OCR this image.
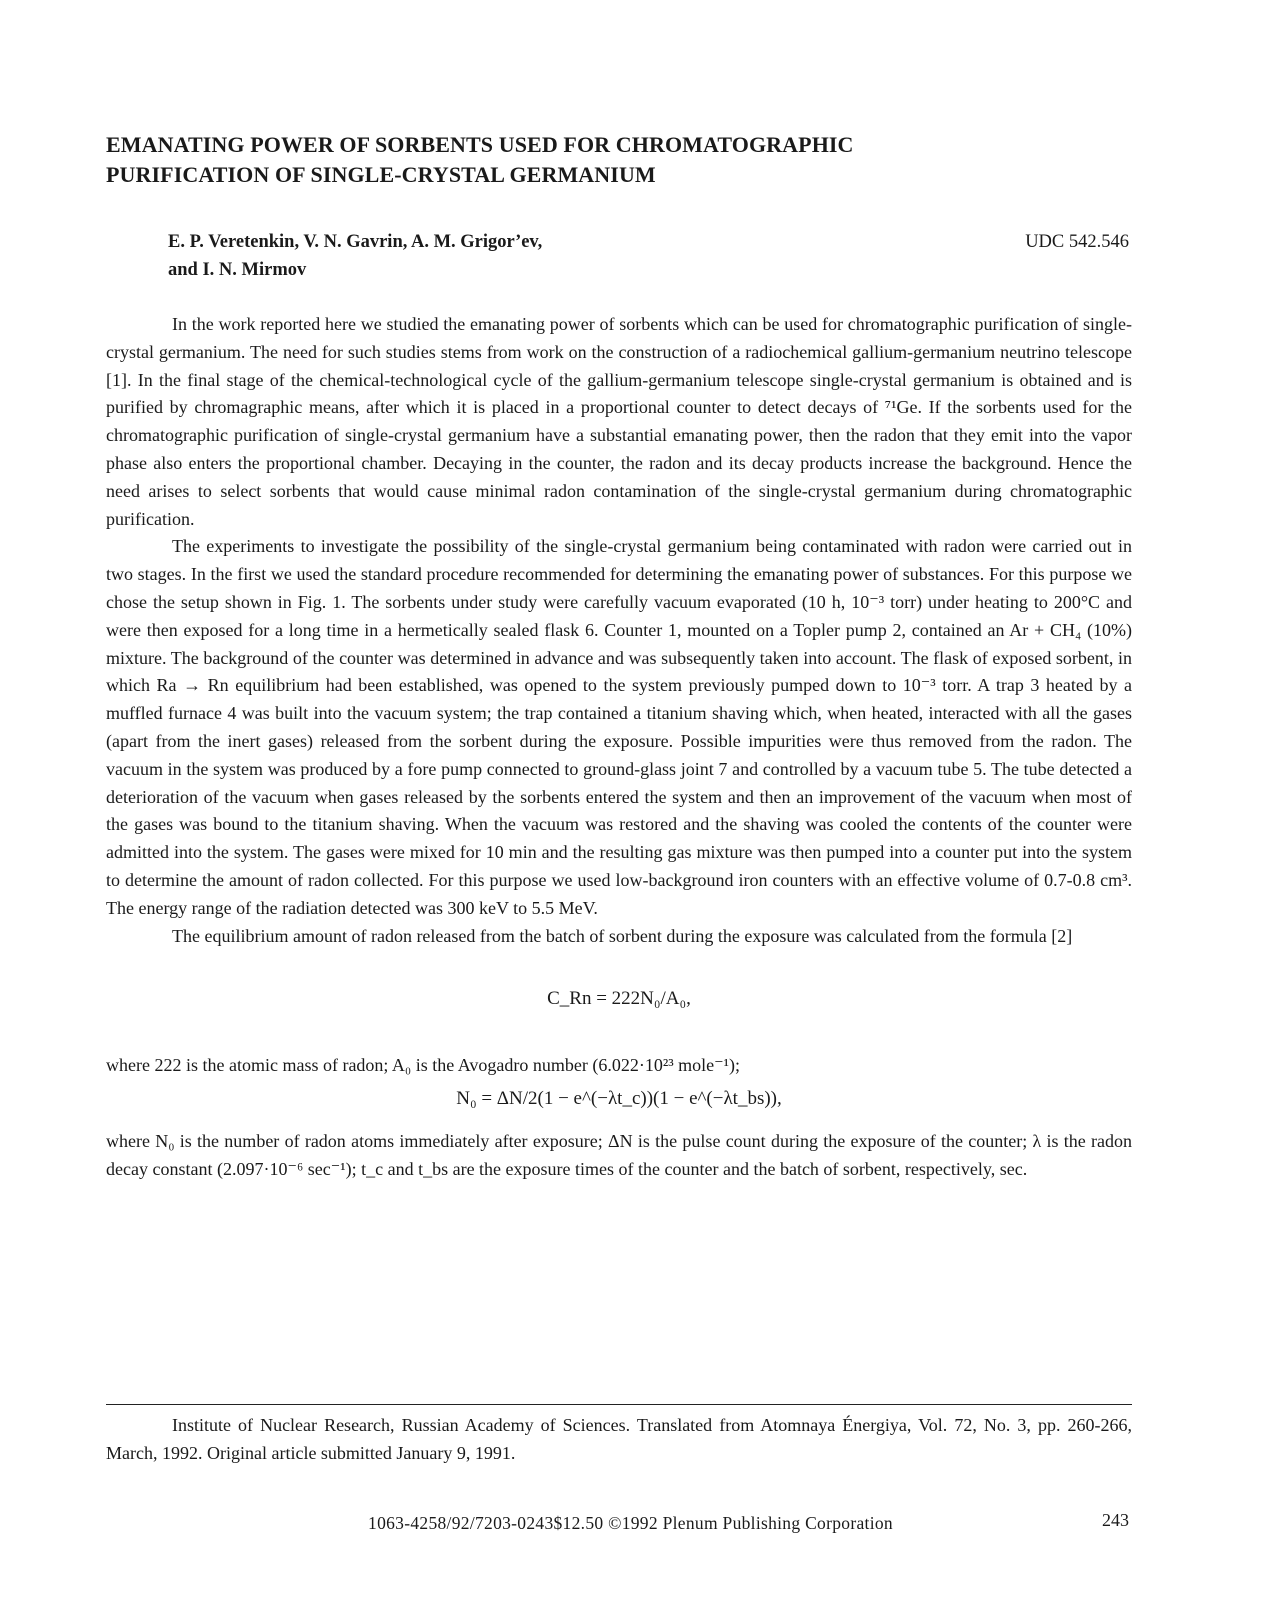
EMANATING POWER OF SORBENTS USED FOR CHROMATOGRAPHIC
PURIFICATION OF SINGLE-CRYSTAL GERMANIUM
E. P. Veretenkin, V. N. Gavrin, A. M. Grigor’ev,
and I. N. Mirmov
UDC 542.546

In the work reported here we studied the emanating power of sorbents which can be used for chromatographic purification of single-crystal germanium. The need for such studies stems from work on the construction of a radiochemical gallium-germanium neutrino telescope [1]. In the final stage of the chemical-technological cycle of the gallium-germanium telescope single-crystal germanium is obtained and is purified by chromagraphic means, after which it is placed in a proportional counter to detect decays of ⁷¹Ge. If the sorbents used for the chromatographic purification of single-crystal germanium have a substantial emanating power, then the radon that they emit into the vapor phase also enters the proportional chamber. Decaying in the counter, the radon and its decay products increase the background. Hence the need arises to select sorbents that would cause minimal radon contamination of the single-crystal germanium during chromatographic purification.

The experiments to investigate the possibility of the single-crystal germanium being contaminated with radon were carried out in two stages. In the first we used the standard procedure recommended for determining the emanating power of substances. For this purpose we chose the setup shown in Fig. 1. The sorbents under study were carefully vacuum evaporated (10 h, 10⁻³ torr) under heating to 200°C and were then exposed for a long time in a hermetically sealed flask 6. Counter 1, mounted on a Topler pump 2, contained an Ar + CH₄ (10%) mixture. The background of the counter was determined in advance and was subsequently taken into account. The flask of exposed sorbent, in which Ra → Rn equilibrium had been established, was opened to the system previously pumped down to 10⁻³ torr. A trap 3 heated by a muffled furnace 4 was built into the vacuum system; the trap contained a titanium shaving which, when heated, interacted with all the gases (apart from the inert gases) released from the sorbent during the exposure. Possible impurities were thus removed from the radon. The vacuum in the system was produced by a fore pump connected to ground-glass joint 7 and controlled by a vacuum tube 5. The tube detected a deterioration of the vacuum when gases released by the sorbents entered the system and then an improvement of the vacuum when most of the gases was bound to the titanium shaving. When the vacuum was restored and the shaving was cooled the contents of the counter were admitted into the system. The gases were mixed for 10 min and the resulting gas mixture was then pumped into a counter put into the system to determine the amount of radon collected. For this purpose we used low-background iron counters with an effective volume of 0.7-0.8 cm³. The energy range of the radiation detected was 300 keV to 5.5 MeV.

The equilibrium amount of radon released from the batch of sorbent during the exposure was calculated from the formula [2]

C_Rn = 222N₀/A₀,

where 222 is the atomic mass of radon; A₀ is the Avogadro number (6.022·10²³ mole⁻¹);

N₀ = ΔN/2(1 − e^(−λt_c))(1 − e^(−λt_bs)),

where N₀ is the number of radon atoms immediately after exposure; ΔN is the pulse count during the exposure of the counter; λ is the radon decay constant (2.097·10⁻⁶ sec⁻¹); t_c and t_bs are the exposure times of the counter and the batch of sorbent, respectively, sec.

Institute of Nuclear Research, Russian Academy of Sciences. Translated from Atomnaya Énergiya, Vol. 72, No. 3, pp. 260-266, March, 1992. Original article submitted January 9, 1991.

1063-4258/92/7203-0243$12.50 ©1992 Plenum Publishing Corporation	243
